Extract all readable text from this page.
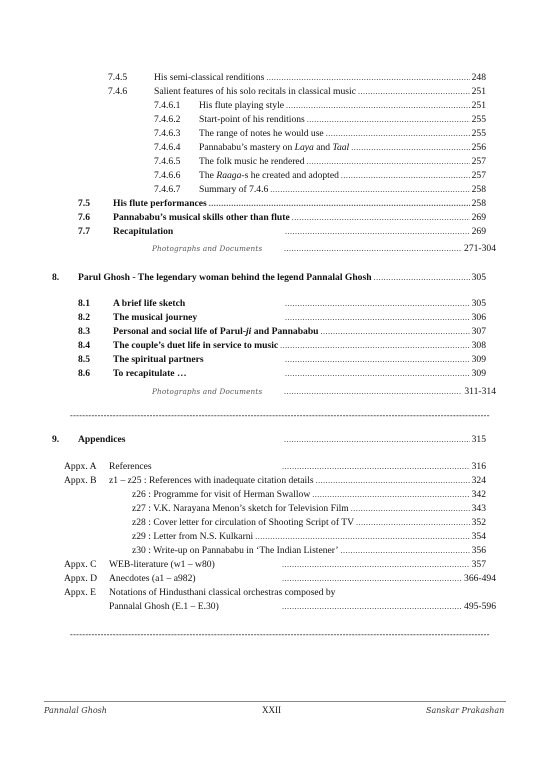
7.4.5	His semi-classical renditions .....	248
7.4.6	Salient features of his solo recitals in classical music .....	251
7.4.6.1	His flute playing style .....	251
7.4.6.2	Start-point of his renditions .....	255
7.4.6.3	The range of notes he would use .....	255
7.4.6.4	Pannababu’s mastery on Laya and Taal .....	256
7.4.6.5	The folk music he rendered .....	257
7.4.6.6	The Raaga-s he created and adopted .....	257
7.4.6.7	Summary of 7.4.6 .....	258
7.5	His flute performances .....	258
7.6	Pannababu’s musical skills other than flute .....	269
7.7	Recapitulation .....	269
Photographs and Documents .....	271-304
8.	Parul Ghosh - The legendary woman behind the legend Pannalal Ghosh .....	305
8.1	A brief life sketch .....	305
8.2	The musical journey .....	306
8.3	Personal and social life of Parul-ji and Pannababu .....	307
8.4	The couple’s duet life in service to music .....	308
8.5	The spiritual partners .....	309
8.6	To recapitulate … .....	309
Photographs and Documents .....	311-314
-----
9.	Appendices .....	315
Appx. A	References .....	316
Appx. B	z1 – z25 : References with inadequate citation details .....	324
z26 : Programme for visit of Herman Swallow .....	342
z27 : V.K. Narayana Menon’s sketch for Television Film .....	343
z28 : Cover letter for circulation of Shooting Script of TV .....	352
z29 : Letter from N.S. Kulkarni .....	354
z30 : Write-up on Pannababu in ‘The Indian Listener’ .....	356
Appx. C	WEB-literature (w1 – w80) .....	357
Appx. D	Anecdotes (a1 – a982) .....	366-494
Appx. E	Notations of Hindusthani classical orchestras composed by
Pannalal Ghosh (E.1 – E.30) .....	495-596
-----
Pannalal Ghosh	XXII	Sanskar Prakashan
